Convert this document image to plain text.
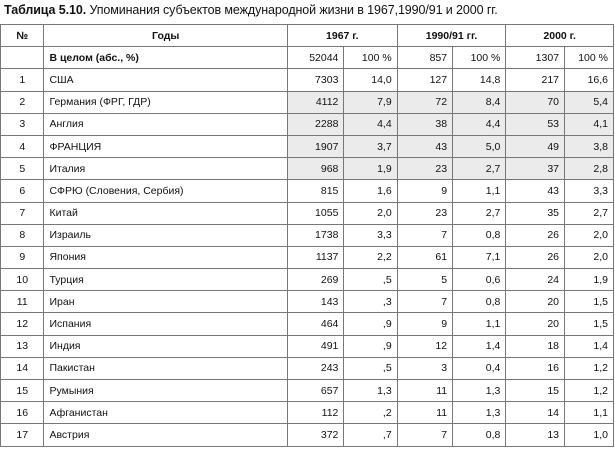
Таблица 5.10. Упоминания субъектов международной жизни в 1967,1990/91 и 2000 гг.
№	Годы	1967 г.		1990/91 гг.		2000 г.	
	В целом (абс., %)	52044	100 %	857	100 %	1307	100 %
1	США	7303	14,0	127	14,8	217	16,6
2	Германия (ФРГ, ГДР)	4112	7,9	72	8,4	70	5,4
3	Англия	2288	4,4	38	4,4	53	4,1
4	ФРАНЦИЯ	1907	3,7	43	5,0	49	3,8
5	Италия	968	1,9	23	2,7	37	2,8
6	СФРЮ (Словения, Сербия)	815	1,6	9	1,1	43	3,3
7	Китай	1055	2,0	23	2,7	35	2,7
8	Израиль	1738	3,3	7	0,8	26	2,0
9	Япония	1137	2,2	61	7,1	26	2,0
10	Турция	269	,5	5	0,6	24	1,9
11	Иран	143	,3	7	0,8	20	1,5
12	Испания	464	,9	9	1,1	20	1,5
13	Индия	491	,9	12	1,4	18	1,4
14	Пакистан	243	,5	3	0,4	16	1,2
15	Румыния	657	1,3	11	1,3	15	1,2
16	Афганистан	112	,2	11	1,3	14	1,1
17	Австрия	372	,7	7	0,8	13	1,0
